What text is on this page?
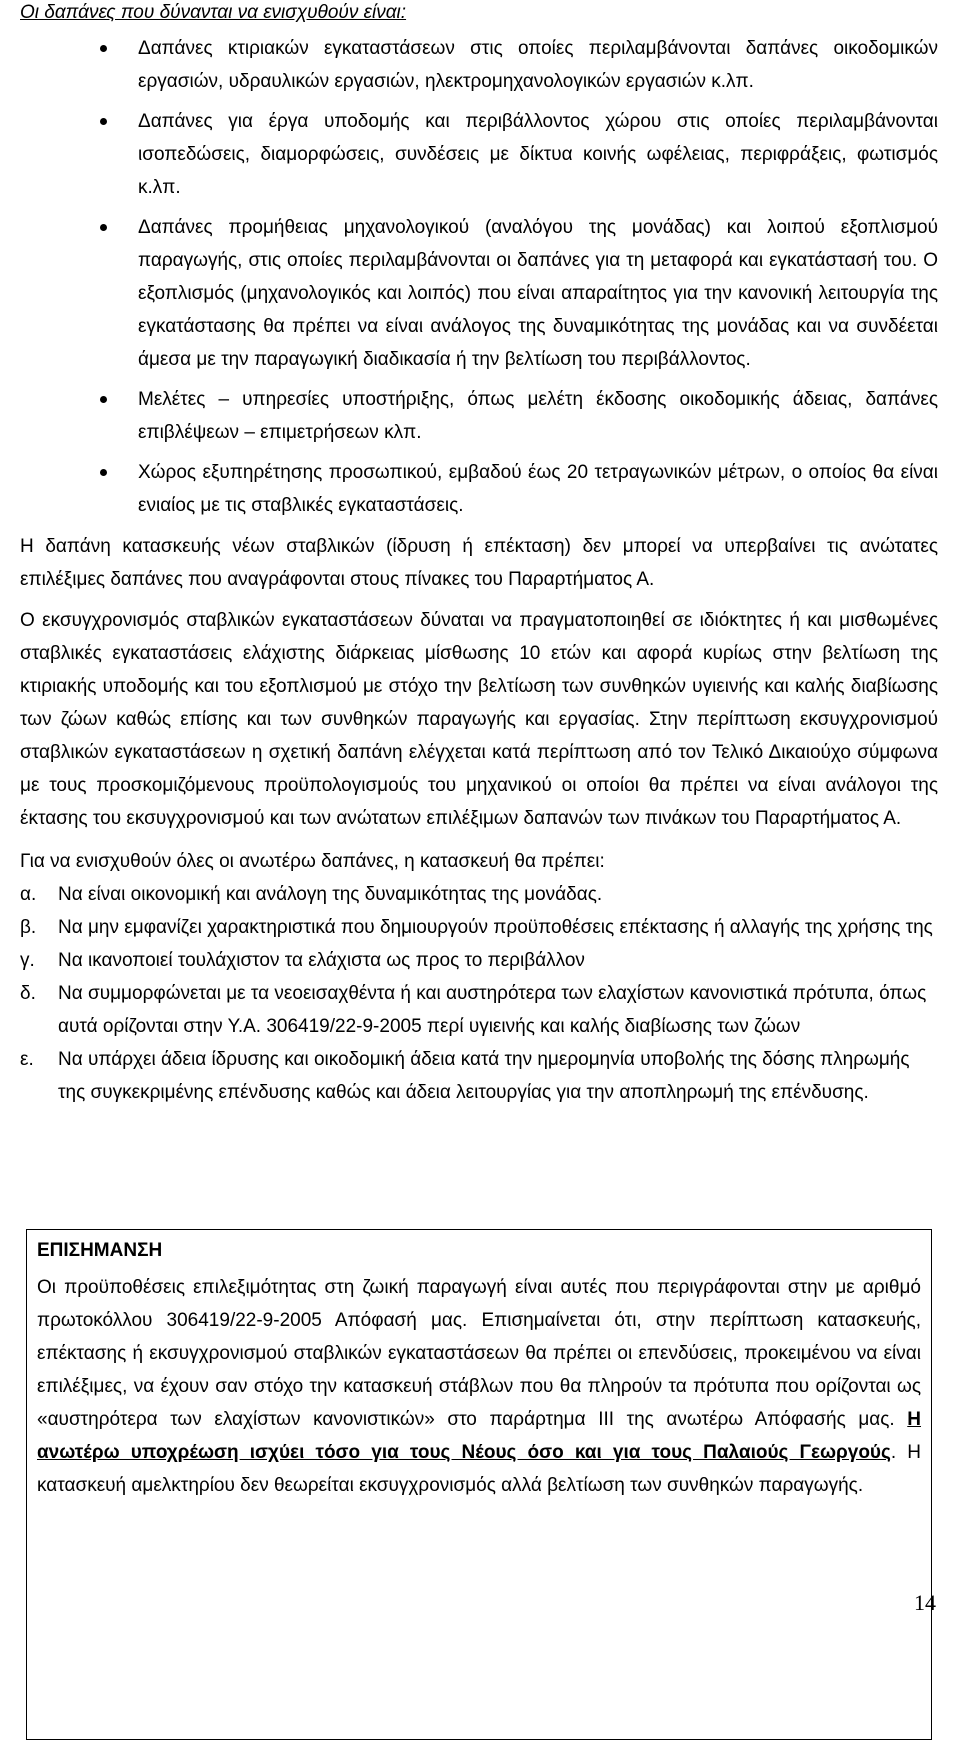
Οι δαπάνες που δύνανται να ενισχυθούν είναι:

Δαπάνες κτιριακών εγκαταστάσεων στις οποίες περιλαμβάνονται δαπάνες οικοδομικών εργασιών, υδραυλικών εργασιών, ηλεκτρομηχανολογικών εργασιών κ.λπ.
Δαπάνες για έργα υποδομής και περιβάλλοντος χώρου στις οποίες περιλαμβάνονται ισοπεδώσεις, διαμορφώσεις, συνδέσεις με δίκτυα κοινής ωφέλειας, περιφράξεις, φωτισμός κ.λπ.
Δαπάνες προμήθειας μηχανολογικού (αναλόγου της μονάδας) και λοιπού εξοπλισμού παραγωγής, στις οποίες περιλαμβάνονται οι δαπάνες για τη μεταφορά και εγκατάστασή του. Ο εξοπλισμός (μηχανολογικός και λοιπός) που είναι απαραίτητος για την κανονική λειτουργία της εγκατάστασης θα πρέπει να είναι ανάλογος της δυναμικότητας της μονάδας και να συνδέεται άμεσα με την παραγωγική διαδικασία ή την βελτίωση του περιβάλλοντος.
Μελέτες – υπηρεσίες υποστήριξης, όπως μελέτη έκδοσης οικοδομικής άδειας, δαπάνες επιβλέψεων – επιμετρήσεων κλπ.
Χώρος εξυπηρέτησης προσωπικού, εμβαδού έως 20 τετραγωνικών μέτρων, ο οποίος θα είναι ενιαίος με τις σταβλικές εγκαταστάσεις.

Η δαπάνη κατασκευής νέων σταβλικών (ίδρυση ή επέκταση) δεν μπορεί να υπερβαίνει τις ανώτατες επιλέξιμες δαπάνες που αναγράφονται στους πίνακες του Παραρτήματος Α.

Ο εκσυγχρονισμός σταβλικών εγκαταστάσεων δύναται να πραγματοποιηθεί σε ιδιόκτητες ή και μισθωμένες σταβλικές εγκαταστάσεις ελάχιστης διάρκειας μίσθωσης 10 ετών και αφορά κυρίως στην βελτίωση της κτιριακής υποδομής και του εξοπλισμού με στόχο την βελτίωση των συνθηκών υγιεινής και καλής διαβίωσης των ζώων καθώς επίσης και των συνθηκών παραγωγής και εργασίας. Στην περίπτωση εκσυγχρονισμού σταβλικών εγκαταστάσεων η σχετική δαπάνη ελέγχεται κατά περίπτωση από τον Τελικό Δικαιούχο σύμφωνα με τους προσκομιζόμενους προϋπολογισμούς του μηχανικού οι οποίοι θα πρέπει να είναι ανάλογοι της έκτασης του εκσυγχρονισμού και των ανώτατων επιλέξιμων δαπανών των πινάκων του Παραρτήματος Α.

Για να ενισχυθούν όλες οι ανωτέρω δαπάνες, η κατασκευή θα πρέπει:

α. Να είναι οικονομική και ανάλογη της δυναμικότητας της μονάδας.
β. Να μην εμφανίζει χαρακτηριστικά που δημιουργούν προϋποθέσεις επέκτασης ή αλλαγής της χρήσης της
γ. Να ικανοποιεί τουλάχιστον τα ελάχιστα ως προς το περιβάλλον
δ. Να συμμορφώνεται με τα νεοεισαχθέντα ή και αυστηρότερα των ελαχίστων κανονιστικά πρότυπα, όπως αυτά ορίζονται στην Υ.Α. 306419/22-9-2005 περί υγιεινής και καλής διαβίωσης των ζώων
ε. Να υπάρχει άδεια ίδρυσης και οικοδομική άδεια κατά την ημερομηνία υποβολής της δόσης πληρωμής της συγκεκριμένης επένδυσης καθώς και άδεια λειτουργίας για την αποπληρωμή της επένδυσης.

ΕΠΙΣΗΜΑΝΣΗ

Οι προϋποθέσεις επιλεξιμότητας στη ζωική παραγωγή είναι αυτές που περιγράφονται στην με αριθμό πρωτοκόλλου 306419/22-9-2005 Απόφασή μας. Επισημαίνεται ότι, στην περίπτωση κατασκευής, επέκτασης ή εκσυγχρονισμού σταβλικών εγκαταστάσεων θα πρέπει οι επενδύσεις, προκειμένου να είναι επιλέξιμες, να έχουν σαν στόχο την κατασκευή στάβλων που θα πληρούν τα πρότυπα που ορίζονται ως «αυστηρότερα των ελαχίστων κανονιστικών» στο παράρτημα ΙΙΙ της ανωτέρω Απόφασής μας. Η ανωτέρω υποχρέωση ισχύει τόσο για τους Νέους όσο και για τους Παλαιούς Γεωργούς. Η κατασκευή αμελκτηρίου δεν θεωρείται εκσυγχρονισμός αλλά βελτίωση των συνθηκών παραγωγής.

14
